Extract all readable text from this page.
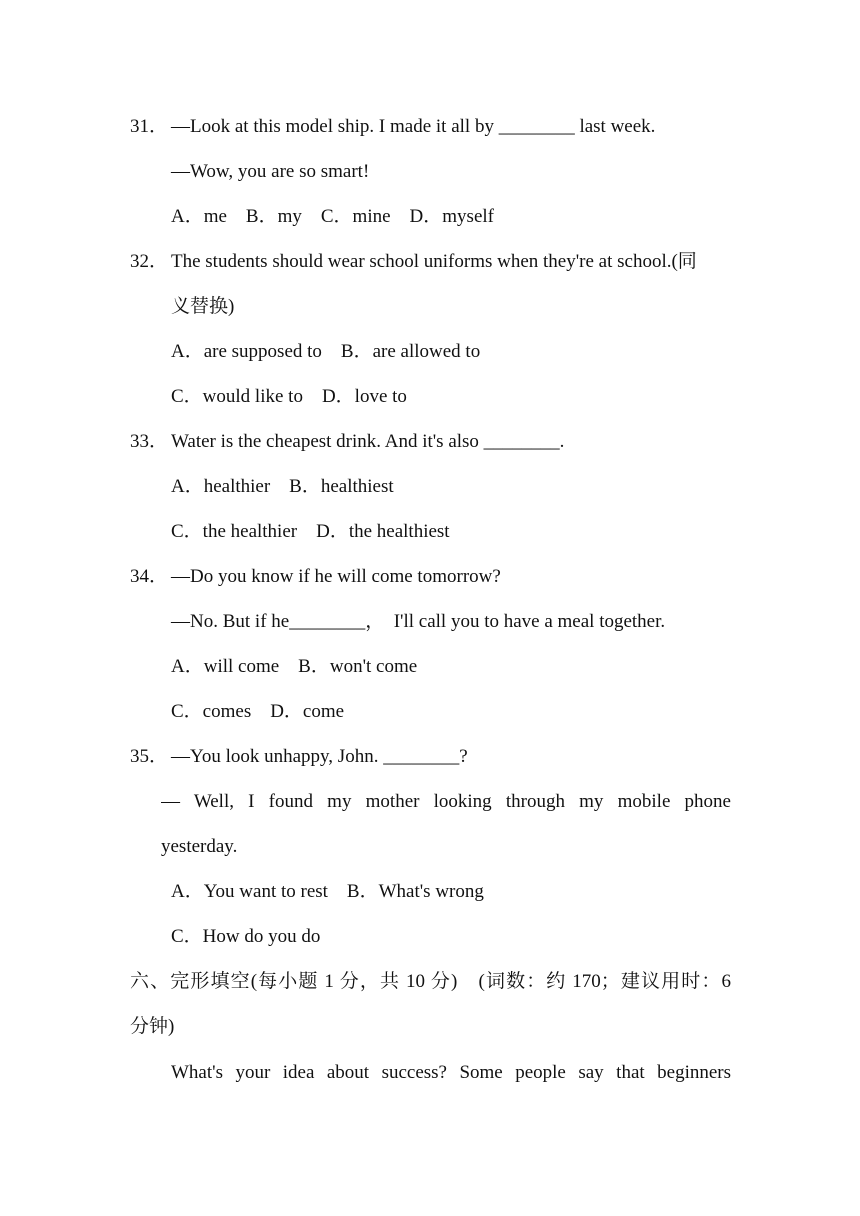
31． —Look at this model ship. I made it all by ________ last week.
—Wow, you are so smart!
A．me　B．my　C．mine　D．myself
32． The students should wear school uniforms when they're at school.(同
义替换)
A．are supposed to　B．are allowed to
C．would like to　D．love to
33． Water is the cheapest drink. And it's also ________.
A．healthier　B．healthiest
C．the healthier　D．the healthiest
34． —Do you know if he will come tomorrow?
—No. But if he________，　I'll call you to have a meal together.
A．will come　B．won't come
C．comes　D．come
35． —You look unhappy, John. ________?
— Well, I found my mother looking through my mobile phone
yesterday.
A．You want to rest　B．What's wrong
C．How do you do
六、完形填空(每小题 1 分，共 10 分)　(词数：约 170；建议用时：6
分钟)
What's your idea about success? Some people say that beginners
